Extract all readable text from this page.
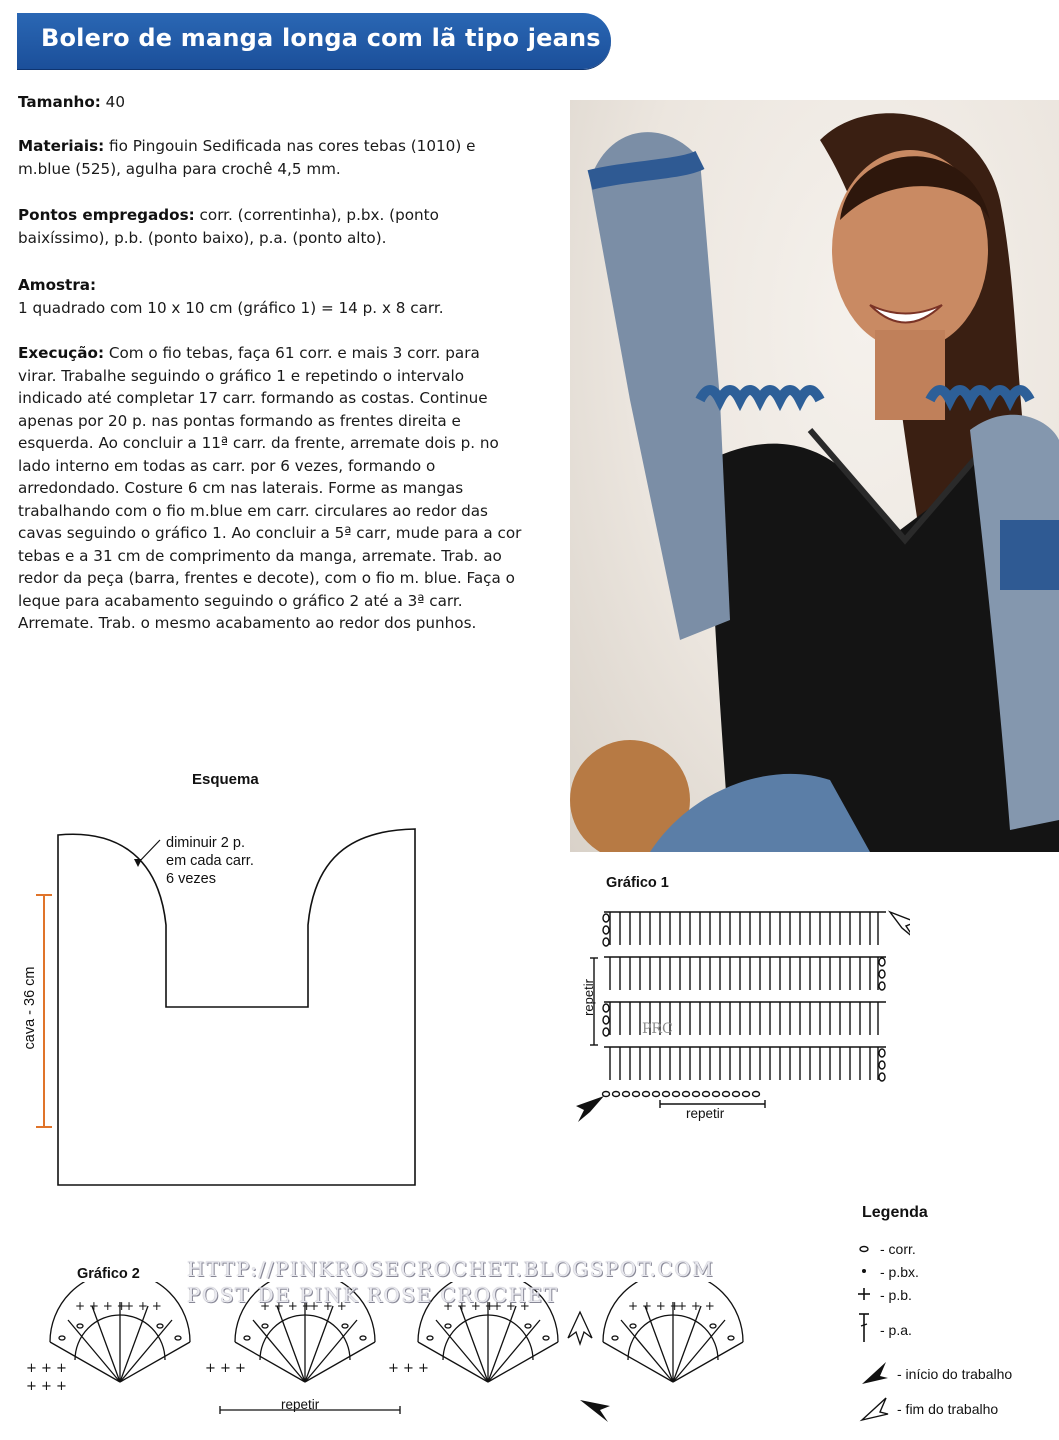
Bolero de manga longa com lã tipo jeans
Tamanho: 40
Materiais: fio Pingouin Sedificada nas cores tebas (1010) e m.blue (525), agulha para crochê 4,5 mm.
Pontos empregados: corr. (correntinha), p.bx. (ponto baixíssimo), p.b. (ponto baixo), p.a. (ponto alto).
Amostra:
1 quadrado com 10 x 10 cm (gráfico 1) = 14 p. x 8 carr.
Execução: Com o fio tebas, faça 61 corr. e mais 3 corr. para virar. Trabalhe seguindo o gráfico 1 e repetindo o intervalo indicado até completar 17 carr. formando as costas. Continue apenas por 20 p. nas pontas formando as frentes direita e esquerda. Ao concluir a 11ª carr. da frente, arremate dois p. no lado interno em todas as carr. por 6 vezes, formando o arredondado. Costure 6 cm nas laterais. Forme as mangas trabalhando com o fio m.blue em carr. circulares ao redor das cavas seguindo o gráfico 1. Ao concluir a 5ª carr, mude para a cor tebas e a 31 cm de comprimento da manga, arremate. Trab. ao redor da peça (barra, frentes e decote), com o fio m. blue. Faça o leque para acabamento seguindo o gráfico 2 até a 3ª carr. Arremate. Trab. o mesmo acabamento ao redor dos punhos.
Esquema
diminuir 2 p.
em cada carr.
6 vezes
cava - 36 cm
Gráfico 1
PRC
repetir
repetir
Legenda
- corr.
- p.bx.
- p.b.
- p.a.
- início do trabalho
- fim do trabalho
Gráfico 2
+ + + +
+ + +
+ + +
+ + +
+ + +	+ + +
repetir
HTTP://PINKROSECROCHET.BLOGSPOT.COM
POST DE PINK ROSE CROCHET
